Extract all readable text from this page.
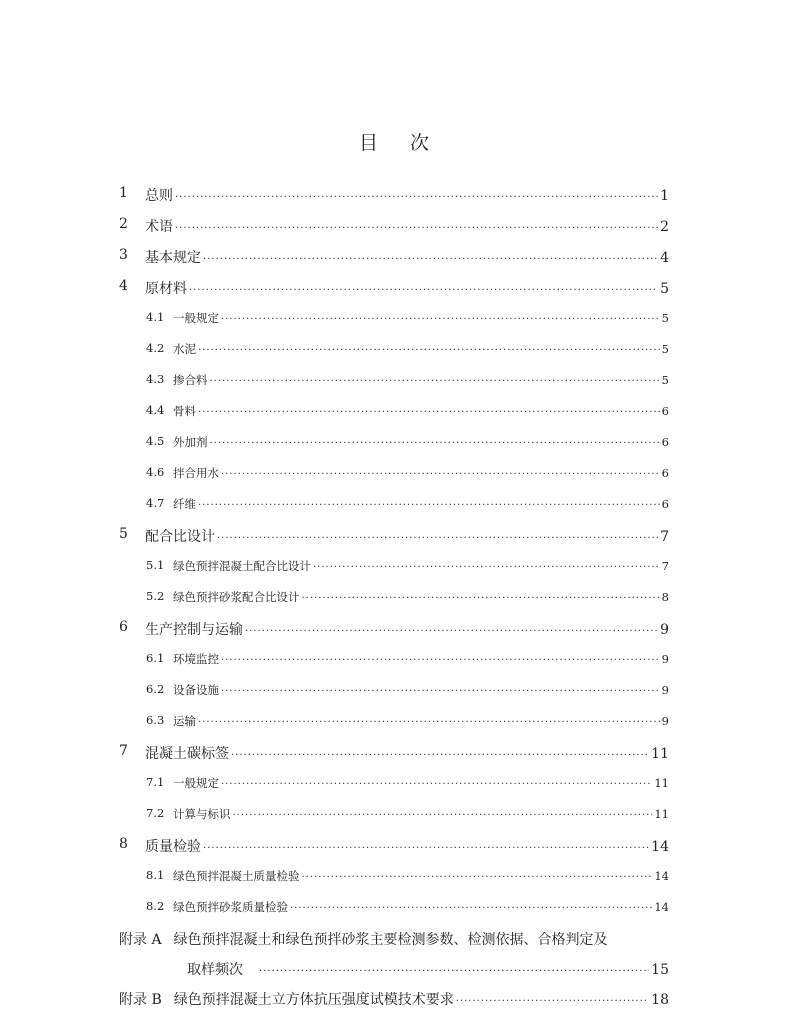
目 次
1 总则 ·····	1
2 术语 ·····	2
3 基本规定 ·····	4
4 原材料 ·····	5
4.1 一般规定 ·····	5
4.2 水泥 ·····	5
4.3 掺合料 ·····	5
4.4 骨料 ·····	6
4.5 外加剂 ·····	6
4.6 拌合用水 ·····	6
4.7 纤维 ·····	6
5 配合比设计 ·····	7
5.1 绿色预拌混凝土配合比设计 ·····	7
5.2 绿色预拌砂浆配合比设计 ·····	8
6 生产控制与运输 ·····	9
6.1 环境监控 ·····	9
6.2 设备设施 ·····	9
6.3 运输 ·····	9
7 混凝土碳标签 ·····	11
7.1 一般规定 ·····	11
7.2 计算与标识 ·····	11
8 质量检验 ·····	14
8.1 绿色预拌混凝土质量检验 ·····	14
8.2 绿色预拌砂浆质量检验 ·····	14
附录 A 绿色预拌混凝土和绿色预拌砂浆主要检测参数、检测依据、合格判定及
取样频次 ·····	15
附录 B 绿色预拌混凝土立方体抗压强度试模技术要求 ·····	18
